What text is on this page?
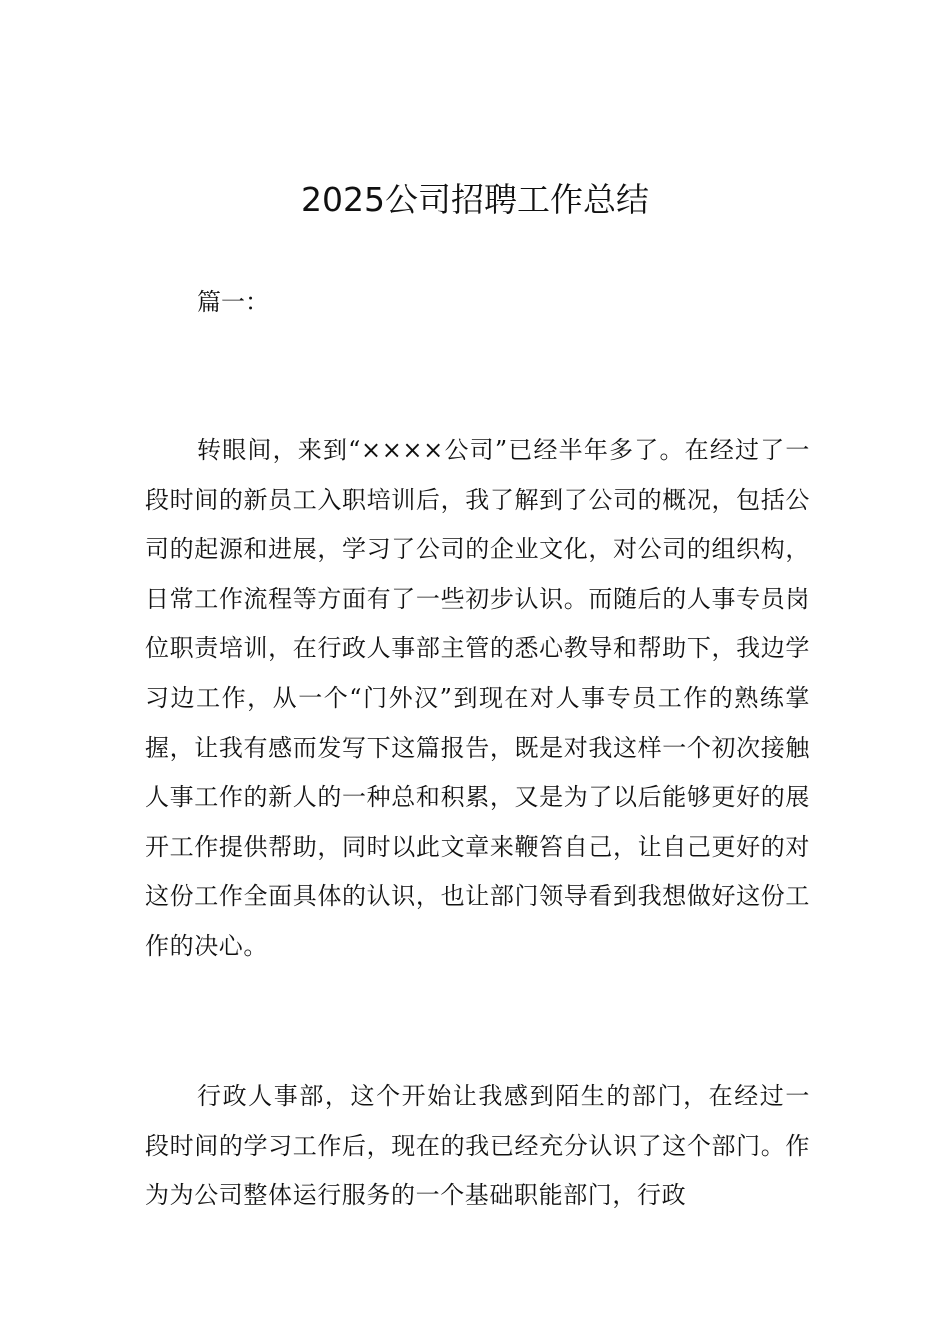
2025公司招聘工作总结
篇一：

转眼间，来到“××××公司”已经半年多了。在经过了一段时间的新员工入职培训后，我了解到了公司的概况，包括公司的起源和进展，学习了公司的企业文化，对公司的组织构，日常工作流程等方面有了一些初步认识。而随后的人事专员岗位职责培训，在行政人事部主管的悉心教导和帮助下，我边学习边工作，从一个“门外汉”到现在对人事专员工作的熟练掌握，让我有感而发写下这篇报告，既是对我这样一个初次接触人事工作的新人的一种总和积累，又是为了以后能够更好的展开工作提供帮助，同时以此文章来鞭笞自己，让自己更好的对这份工作全面具体的认识，也让部门领导看到我想做好这份工作的决心。

行政人事部，这个开始让我感到陌生的部门，在经过一段时间的学习工作后，现在的我已经充分认识了这个部门。作为为公司整体运行服务的一个基础职能部门，行政
